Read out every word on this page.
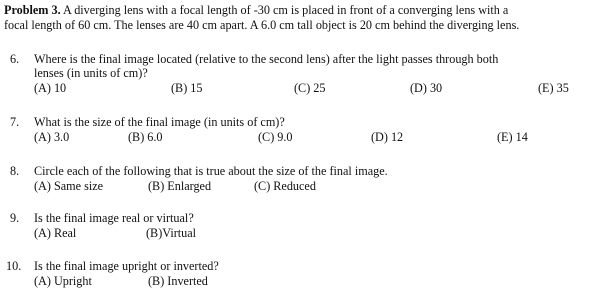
Problem 3. A diverging lens with a focal length of -30 cm is placed in front of a converging lens with a
focal length of 60 cm. The lenses are 40 cm apart. A 6.0 cm tall object is 20 cm behind the diverging lens.
6. Where is the final image located (relative to the second lens) after the light passes through both
lenses (in units of cm)?
(A) 10	(B) 15	(C) 25	(D) 30	(E) 35
7. What is the size of the final image (in units of cm)?
(A) 3.0	(B) 6.0	(C) 9.0	(D) 12	(E) 14
8. Circle each of the following that is true about the size of the final image.
(A) Same size	(B) Enlarged	(C) Reduced
9. Is the final image real or virtual?
(A) Real	(B)Virtual
10. Is the final image upright or inverted?
(A) Upright	(B) Inverted
